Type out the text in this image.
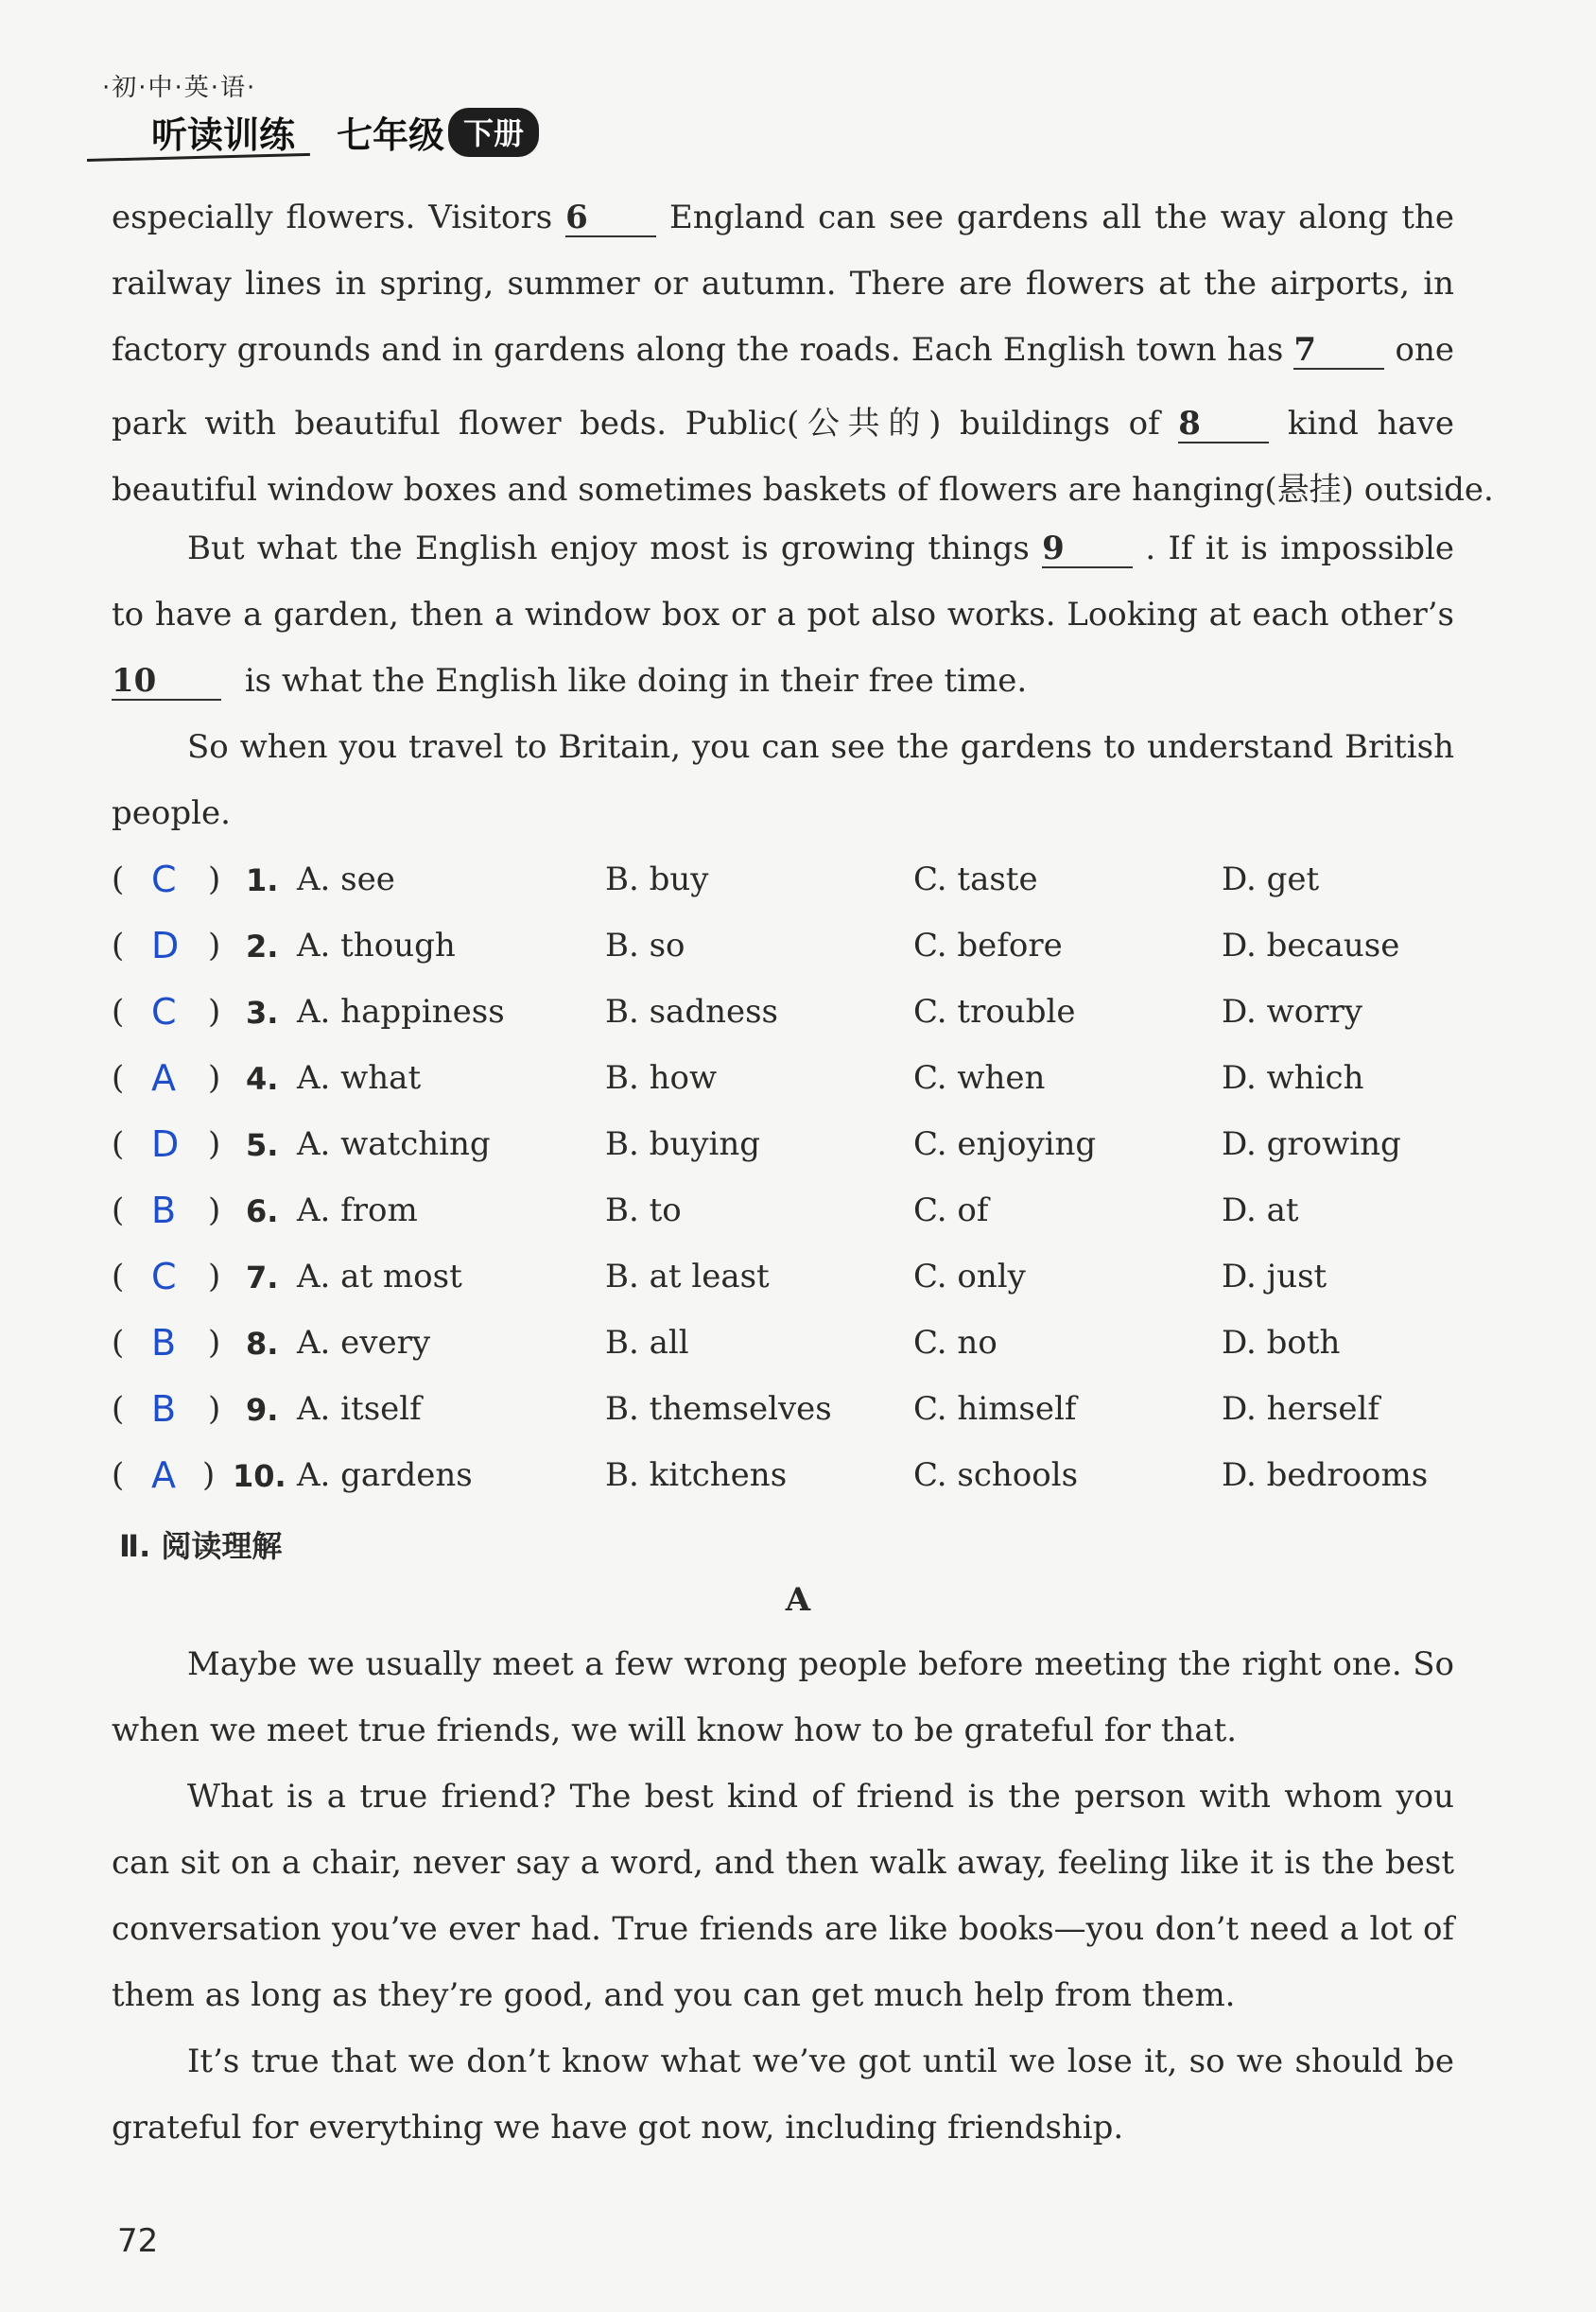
·初·中·英·语·
听读训练 七年级 下册
especially flowers. Visitors 6	England can see gardens all the way along the
railway lines in spring, summer or autumn. There are flowers at the airports, in
factory grounds and in gardens along the roads. Each English town has 7 one
park with beautiful flower beds. Public(公共的) buildings of 8	kind have
beautiful window boxes and sometimes baskets of flowers are hanging(悬挂) outside.
But what the English enjoy most is growing things 9	. If it is impossible
to have a garden, then a window box or a pot also works. Looking at each other’s
10	is what the English like doing in their free time.
So when you travel to Britain, you can see the gardens to understand British
people.
( C ) 1. A. see	B. buy	C. taste	D. get
( D ) 2. A. though	B. so	C. before	D. because
( C ) 3. A. happiness	B. sadness	C. trouble	D. worry
( A ) 4. A. what	B. how	C. when	D. which
( D ) 5. A. watching	B. buying	C. enjoying	D. growing
( B ) 6. A. from	B. to	C. of	D. at
( C ) 7. A. at most	B. at least	C. only	D. just
( B ) 8. A. every	B. all	C. no	D. both
( B ) 9. A. itself	B. themselves	C. himself	D. herself
( A ) 10. A. gardens	B. kitchens	C. schools	D. bedrooms
Ⅱ. 阅读理解
A
Maybe we usually meet a few wrong people before meeting the right one. So
when we meet true friends, we will know how to be grateful for that.
What is a true friend? The best kind of friend is the person with whom you
can sit on a chair, never say a word, and then walk away, feeling like it is the best
conversation you’ve ever had. True friends are like books—you don’t need a lot of
them as long as they’re good, and you can get much help from them.
It’s true that we don’t know what we’ve got until we lose it, so we should be
grateful for everything we have got now, including friendship.
72
